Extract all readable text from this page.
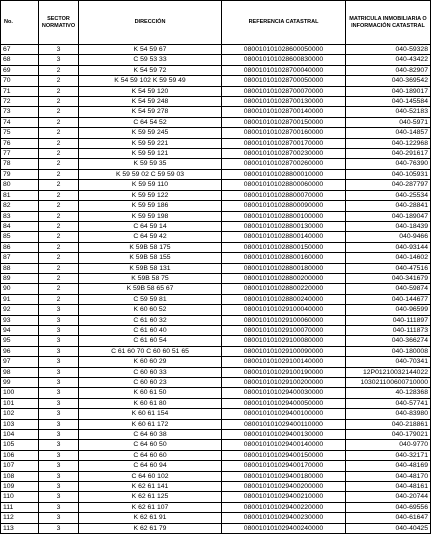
No.	SECTOR NORMATIVO	DIRECCIÓN	REFERENCIA CATASTRAL	MATRICULA INMOBILIARIA O INFORMACIÓN CATASTRAL
67	3	K 54 59 67	080010101028600050000	040-59328
68	3	C 59 53 33	080010101028600830000	040-43422
69	2	K 54 59 72	080010101028700040000	040-82907
70	2	K 54 59 102 K 59 59 49	080010101028700050000	040-369542
71	2	K 54 59 120	080010101028700070000	040-189017
72	2	K 54 59 248	080010101028700130000	040-145584
73	2	K 54 59 278	080010101028700140000	040-52183
74	2	C 64 54 52	080010101028700150000	040-5971
75	2	K 59 59 245	080010101028700160000	040-14857
76	2	K 59 59 221	080010101028700170000	040-122968
77	2	K 59 59 121	080010101028700230000	040-291617
78	2	K 59 59 35	080010101028700260000	040-76390
79	2	K 59 59 02 C 59 59 03	080010101028800010000	040-105931
80	2	K 59 59 110	080010101028800060000	040-287797
81	2	K 59 59 122	080010101028800070000	040-25534
82	2	K 59 59 186	080010101028800090000	040-28841
83	2	K 59 59 198	080010101028800100000	040-189047
84	2	C 64 59 14	080010101028800130000	040-18439
85	2	C 64 59 42	080010101028800140000	040-9466
86	2	K 59B 58 175	080010101028800150000	040-93144
87	2	K 59B 58 155	080010101028800160000	040-14602
88	2	K 59B 58 131	080010101028800180000	040-47516
89	2	K 59B 58 75	080010101028800200000	040-341679
90	2	K 59B 58 65 67	080010101028800220000	040-59874
91	2	C 59 59 81	080010101028800240000	040-144677
92	3	K 60 60 52	080010101029100040000	040-96599
93	3	C 61 60 32	080010101029100060000	040-111897
94	3	C 61 60 40	080010101029100070000	040-111873
95	3	C 61 60 54	080010101029100080000	040-366274
96	3	C 61 60 70 C 60 60 51 65	080010101029100090000	040-180008
97	3	K 60 60 29	080010101029100140000	040-70341
98	3	C 60 60 33	080010101029100190000	12P01210032144022
99	3	C 60 60 23	080010101029100200000	103021100600710000
100	3	K 60 61 50	080010101029400030000	40-128368
101	3	K 60 61 80	080010101029400050000	040-57741
102	3	K 60 61 154	080010101029400100000	040-83980
103	3	K 60 61 172	080010101029400110000	040-218861
104	3	C 64 60 38	080010101029400130000	040-179021
105	3	C 64 60 50	080010101029400140000	040-9770
106	3	C 64 60 60	080010101029400150000	040-32171
107	3	C 64 60 94	080010101029400170000	040-48169
108	3	C 64 60 102	080010101029400180000	040-48170
109	3	K 62 61 141	080010101029400200000	040-48161
110	3	K 62 61 125	080010101029400210000	040-20744
111	3	K 62 61 107	080010101029400220000	040-69556
112	3	K 62 61 91	080010101029400230000	040-61647
113	3	K 62 61 79	080010101029400240000	040-40425
